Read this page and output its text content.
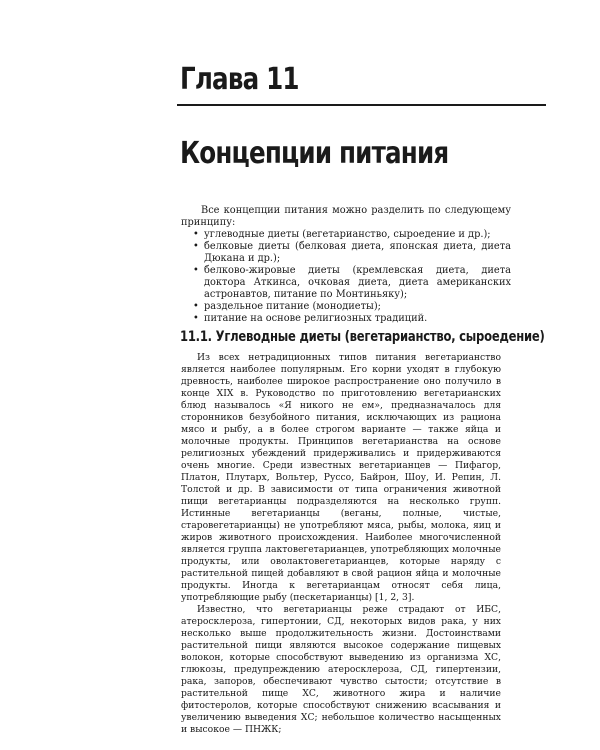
Глава 11
Концепции питания

Все концепции питания можно разделить по следующему принципу:

• углеводные диеты (вегетарианство, сыроедение и др.);
• белковые диеты (белковая диета, японская диета, диета Дюкана и др.);
• белково-жировые диеты (кремлевская диета, диета доктора Аткинса, очковая диета, диета американских астронавтов, питание по Монтиньяку);
• раздельное питание (монодиеты);
• питание на основе религиозных традиций.
11.1. Углеводные диеты (вегетарианство, сыроедение)

Из всех нетрадиционных типов питания вегетарианство является наиболее популярным. Его корни уходят в глубокую древность, наиболее широкое распространение оно получило в конце XIX в. Руководство по приготовлению вегетарианских блюд называлось «Я никого не ем», предназначалось для сторонников безубойного питания, исключающих из рациона мясо и рыбу, а в более строгом варианте — также яйца и молочные продукты. Принципов вегетарианства на основе религиозных убеждений придерживались и придерживаются очень многие. Среди известных вегетарианцев — Пифагор, Платон, Плутарх, Вольтер, Руссо, Байрон, Шоу, И. Репин, Л. Толстой и др. В зависимости от типа ограничения животной пищи вегетарианцы подразделяются на несколько групп. Истинные вегетарианцы (веганы, полные, чистые, старовегетарианцы) не употребляют мяса, рыбы, молока, яиц и жиров животного происхождения. Наиболее многочисленной является группа лактовегетарианцев, употребляющих молочные продукты, или оволактовегетарианцев, которые наряду с растительной пищей добавляют в свой рацион яйца и молочные продукты. Иногда к вегетарианцам относят себя лица, употребляющие рыбу (пескетарианцы) [1, 2, 3].

Известно, что вегетарианцы реже страдают от ИБС, атеросклероза, гипертонии, СД, некоторых видов рака, у них несколько выше продолжительность жизни. Достоинствами растительной пищи являются высокое содержание пищевых волокон, которые способствуют выведению из организма ХС, глюкозы, предупреждению атеросклероза, СД, гипертензии, рака, запоров, обеспечивают чувство сытости; отсутствие в растительной пище ХС, животного жира и наличие фитостеролов, которые способствуют снижению всасывания и увеличению выведения ХС; небольшое количество насыщенных и высокое — ПНЖК;
